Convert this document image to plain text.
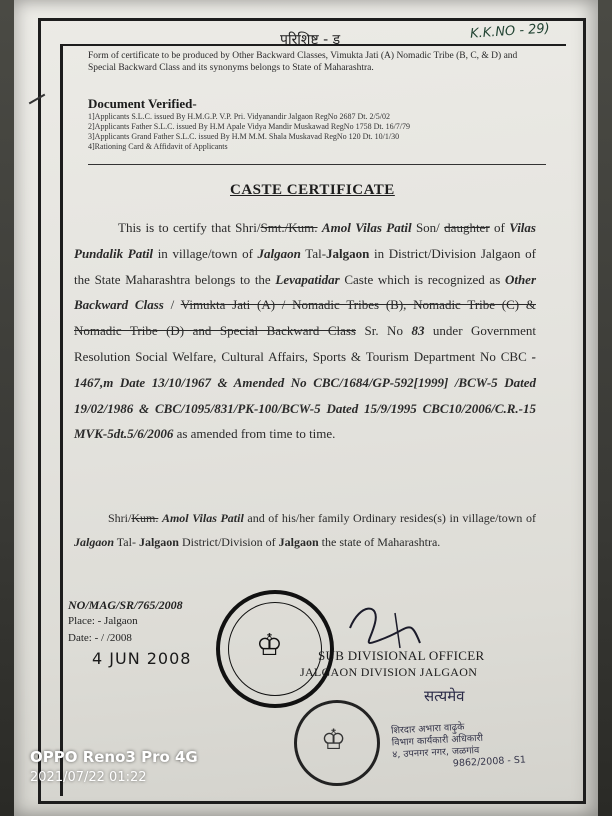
परिशिष्ट - ड	K.K.NO - 29)
Form of certificate to be produced by Other Backward Classes, Vimukta Jati (A) Nomadic Tribe (B, C, & D) and Special Backward Class and its synonyms belongs to State of Maharashtra.
Document Verified-
1]Applicants S.L.C. issued By H.M.G.P. V.P. Pri. Vidyanandir Jalgaon RegNo 2687 Dt. 2/5/02
2]Applicants Father S.L.C. issued By H.M Apale Vidya Mandir Muskawad RegNo 1758 Dt. 16/7/79
3]Applicants Grand Father S.L.C. issued By H.M M.M. Shala Muskavad RegNo 120 Dt. 10/1/30
4]Rationing Card & Affidavit of Applicants
CASTE CERTIFICATE
This is to certify that Shri/Smt./Kum. Amol Vilas Patil Son/ daughter of Vilas Pundalik Patil in village/town of Jalgaon Tal-Jalgaon in District/Division Jalgaon of the State Maharashtra belongs to the Levapatidar Caste which is recognized as Other Backward Class / Vimukta Jati (A) / Nomadic Tribes (B), Nomadic Tribe (C) & Nomadic Tribe (D) and Special Backward Class Sr. No 83 under Government Resolution Social Welfare, Cultural Affairs, Sports & Tourism Department No CBC - 1467,m Date 13/10/1967 & Amended No CBC/1684/GP-592[1999] /BCW-5 Dated 19/02/1986 & CBC/1095/831/PK-100/BCW-5 Dated 15/9/1995 CBC10/2006/C.R.-15 MVK-5dt.5/6/2006 as amended from time to time.
Shri/Kum. Amol Vilas Patil and of his/her family Ordinary resides(s) in village/town of Jalgaon Tal- Jalgaon District/Division of Jalgaon the state of Maharashtra.
NO/MAG/SR/765/2008
Place: - Jalgaon
Date: - / /2008
4 JUN 2008 ♔	SUB DIVISIONAL OFFICER
JALGAON DIVISION JALGAON
सत्यमेव
♔	शिरदार अभारा वाढ़ुके
विभाग कार्यकारी अधिकारी
४, उपनगर नगर, जळगांव
9862/2008 - S1
OPPO Reno3 Pro 4G
2021/07/22 01:22
